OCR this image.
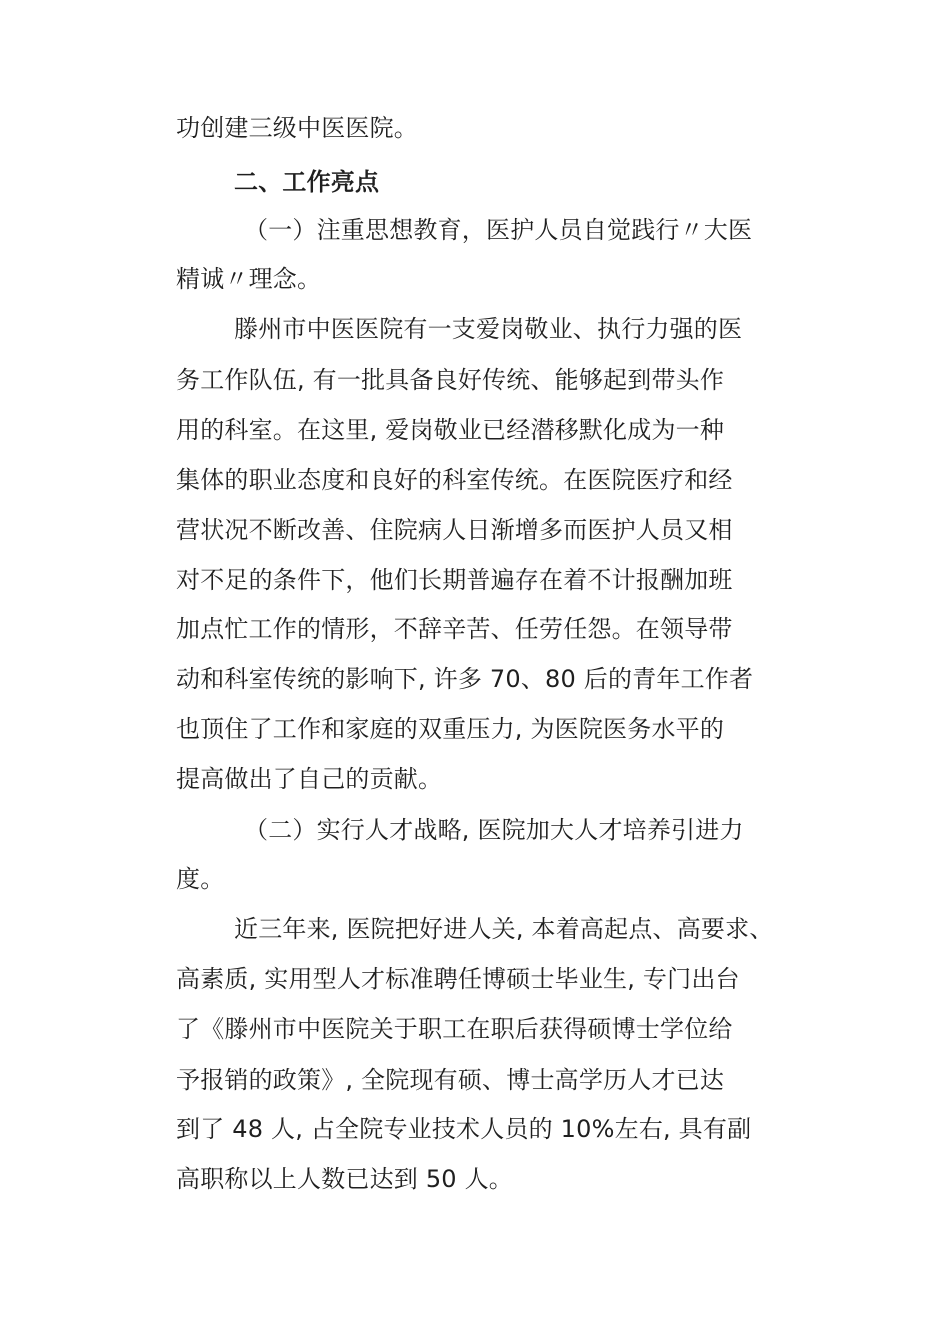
功创建三级中医医院。

二、工作亮点

（一）注重思想教育，医护人员自觉践行〃大医

精诚〃理念。

滕州市中医医院有一支爱岗敬业、执行力强的医

务工作队伍, 有一批具备良好传统、能够起到带头作

用的科室。在这里, 爱岗敬业已经潜移默化成为一种

集体的职业态度和良好的科室传统。在医院医疗和经

营状况不断改善、住院病人日渐增多而医护人员又相

对不足的条件下，他们长期普遍存在着不计报酬加班

加点忙工作的情形，不辞辛苦、任劳任怨。在领导带

动和科室传统的影响下, 许多 70、80 后的青年工作者

也顶住了工作和家庭的双重压力, 为医院医务水平的

提高做出了自己的贡献。

（二）实行人才战略, 医院加大人才培养引进力

度。

近三年来, 医院把好进人关, 本着高起点、高要求、

高素质, 实用型人才标准聘任博硕士毕业生, 专门出台

了《滕州市中医院关于职工在职后获得硕博士学位给

予报销的政策》, 全院现有硕、博士高学历人才已达

到了 48 人, 占全院专业技术人员的 10%左右, 具有副

高职称以上人数已达到 50 人。
